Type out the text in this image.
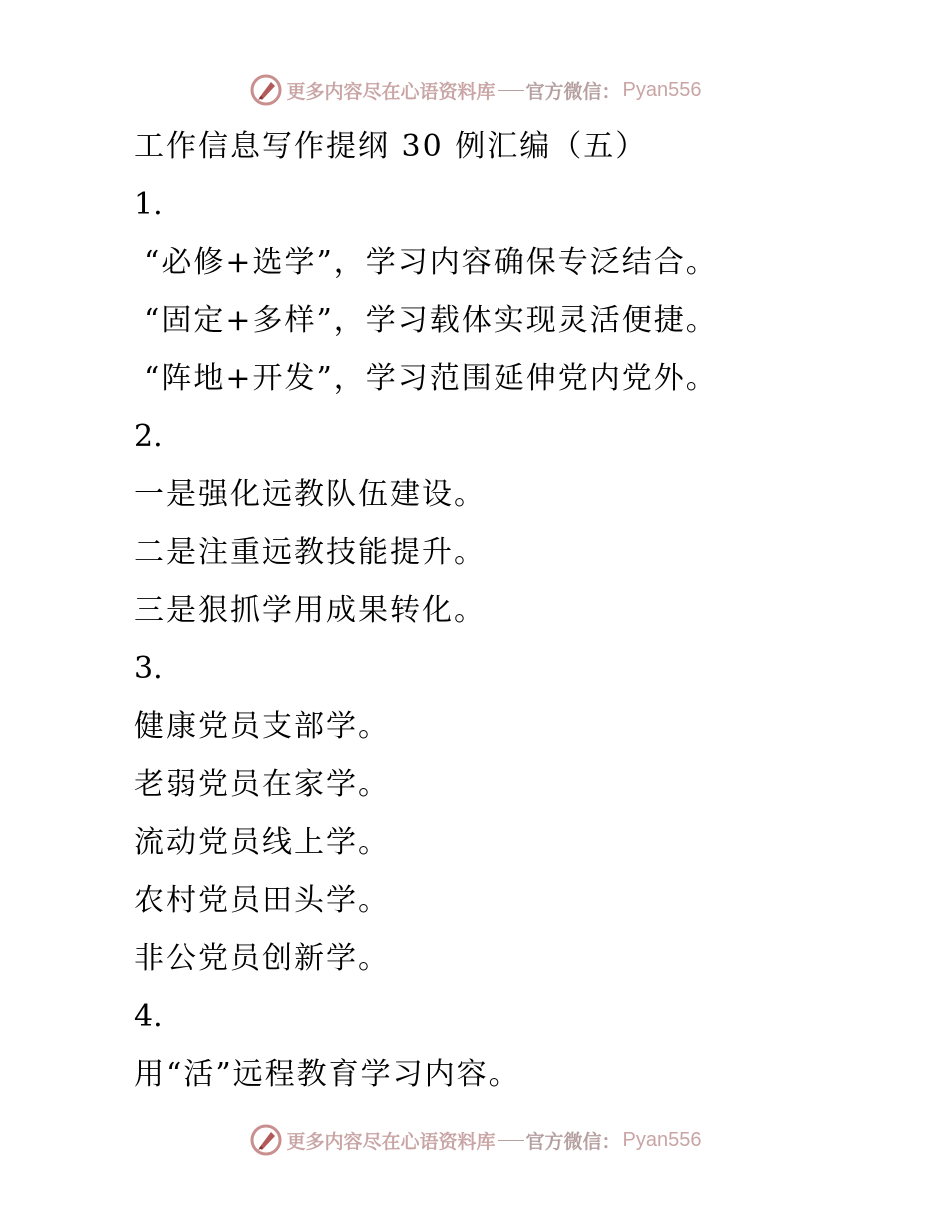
更多内容尽在心语资料库 官方微信： Pyan556
工作信息写作提纲 30 例汇编（五）
1.
“必修+选学”，学习内容确保专泛结合。
“固定+多样”，学习载体实现灵活便捷。
“阵地+开发”，学习范围延伸党内党外。
2.
一是强化远教队伍建设。
二是注重远教技能提升。
三是狠抓学用成果转化。
3.
健康党员支部学。
老弱党员在家学。
流动党员线上学。
农村党员田头学。
非公党员创新学。
4.
用“活”远程教育学习内容。
更多内容尽在心语资料库 官方微信： Pyan556
